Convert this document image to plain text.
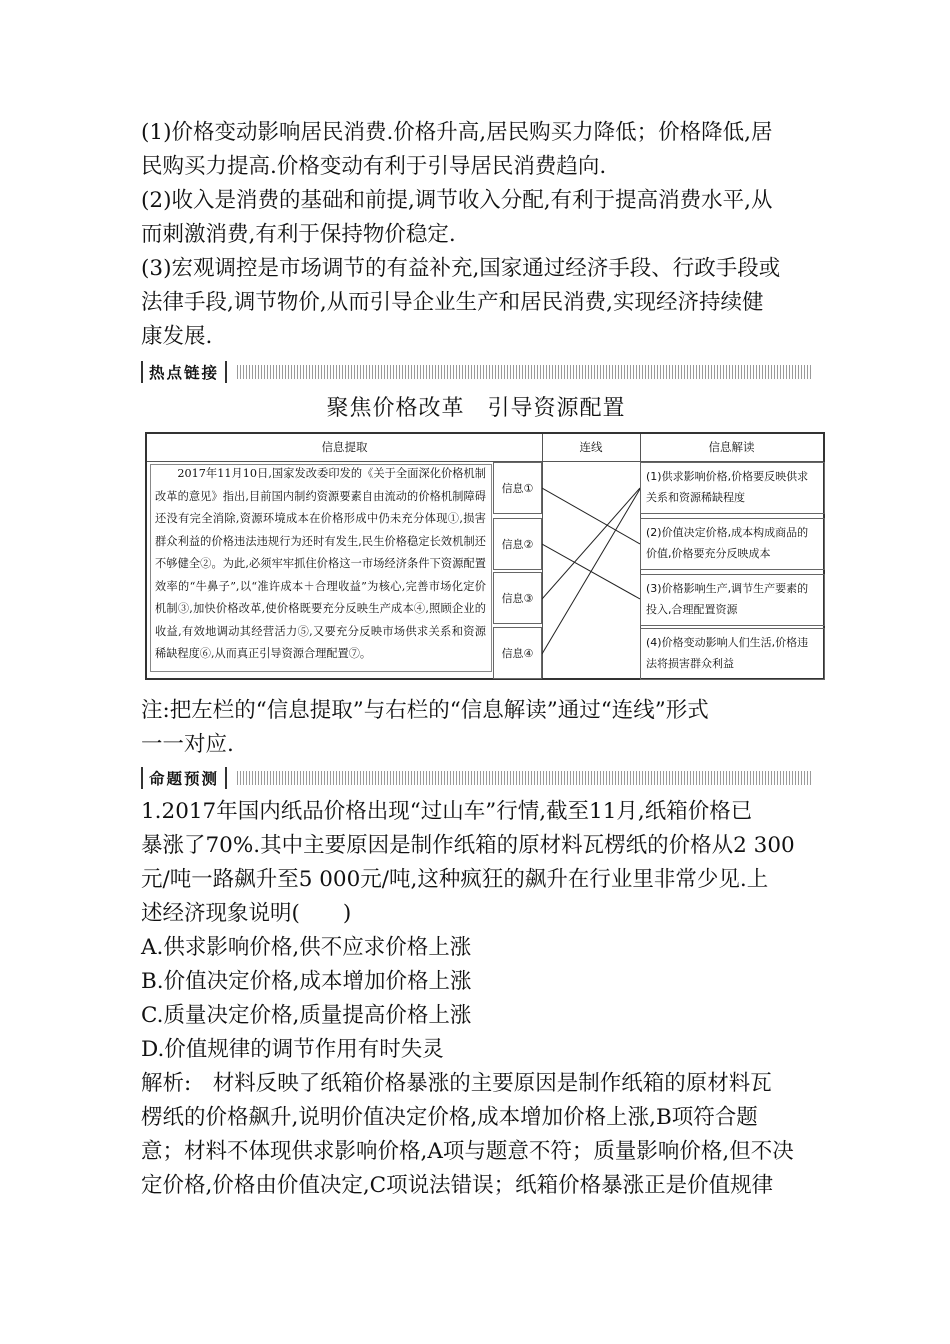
(1)价格变动影响居民消费.价格升高,居民购买力降低；价格降低,居
民购买力提高.价格变动有利于引导居民消费趋向.
(2)收入是消费的基础和前提,调节收入分配,有利于提高消费水平,从
而刺激消费,有利于保持物价稳定.
(3)宏观调控是市场调节的有益补充,国家通过经济手段、行政手段或
法律手段,调节物价,从而引导企业生产和居民消费,实现经济持续健
康发展.
热点链接
聚焦价格改革　引导资源配置
信息提取	连线	信息解读
2017年11月10日,国家发改委印发的《关于全面深化价格机制改革的意见》指出,目前国内制约资源要素自由流动的价格机制障碍还没有完全消除,资源环境成本在价格形成中仍未充分体现①,损害群众利益的价格违法违规行为还时有发生,民生价格稳定长效机制还不够健全②。为此,必须牢牢抓住价格这一市场经济条件下资源配置效率的“牛鼻子”,以“准许成本＋合理收益”为核心,完善市场化定价机制③,加快价格改革,使价格既要充分反映生产成本④,照顾企业的收益,有效地调动其经营活力⑤,又要充分反映市场供求关系和资源稀缺程度⑥,从而真正引导资源合理配置⑦。
信息①
信息②
信息③
信息④
(1)供求影响价格,价格要反映供求关系和资源稀缺程度
(2)价值决定价格,成本构成商品的价值,价格要充分反映成本
(3)价格影响生产,调节生产要素的投入,合理配置资源
(4)价格变动影响人们生活,价格违法将损害群众利益
注:把左栏的“信息提取”与右栏的“信息解读”通过“连线”形式
一一对应.
命题预测
1.2017年国内纸品价格出现“过山车”行情,截至11月,纸箱价格已
暴涨了70%.其中主要原因是制作纸箱的原材料瓦楞纸的价格从2 300
元/吨一路飙升至5 000元/吨,这种疯狂的飙升在行业里非常少见.上
述经济现象说明(　　)
A.供求影响价格,供不应求价格上涨
B.价值决定价格,成本增加价格上涨
C.质量决定价格,质量提高价格上涨
D.价值规律的调节作用有时失灵
解析:　材料反映了纸箱价格暴涨的主要原因是制作纸箱的原材料瓦
楞纸的价格飙升,说明价值决定价格,成本增加价格上涨,B项符合题
意；材料不体现供求影响价格,A项与题意不符；质量影响价格,但不决
定价格,价格由价值决定,C项说法错误；纸箱价格暴涨正是价值规律
